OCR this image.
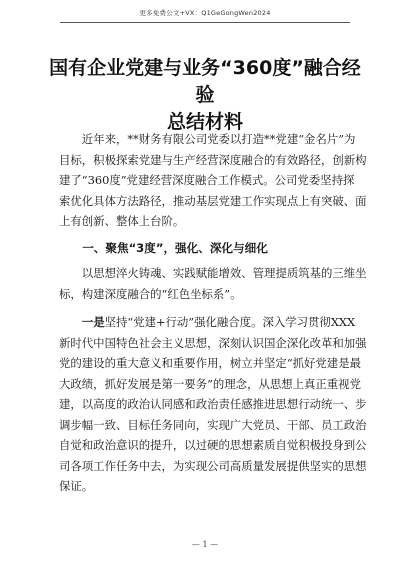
更多免费公文+VX：Q1GeGongWen2024
国有企业党建与业务“360度”融合经验
总结材料
近年来，**财务有限公司党委以打造**党建“金名片”为
目标，积极探索党建与生产经营深度融合的有效路径，创新构
建了“360度”党建经营深度融合工作模式。公司党委坚持探
索优化具体方法路径，推动基层党建工作实现点上有突破、面
上有创新、整体上台阶。
一、聚焦“3度”，强化、深化与细化
以思想淬火铸魂、实践赋能增效、管理提质筑基的三维坐
标，构建深度融合的“红色坐标系”。
一是坚持“党建+行动”强化融合度。深入学习贯彻XXX
新时代中国特色社会主义思想，深刻认识国企深化改革和加强
党的建设的重大意义和重要作用，树立并坚定“抓好党建是最
大政绩，抓好发展是第一要务”的理念，从思想上真正重视党
建，以高度的政治认同感和政治责任感推进思想行动统一、步
调步幅一致、目标任务同向，实现广大党员、干部、员工政治
自觉和政治意识的提升，以过硬的思想素质自觉积极投身到公
司各项工作任务中去，为实现公司高质量发展提供坚实的思想
保证。
— 1 —
